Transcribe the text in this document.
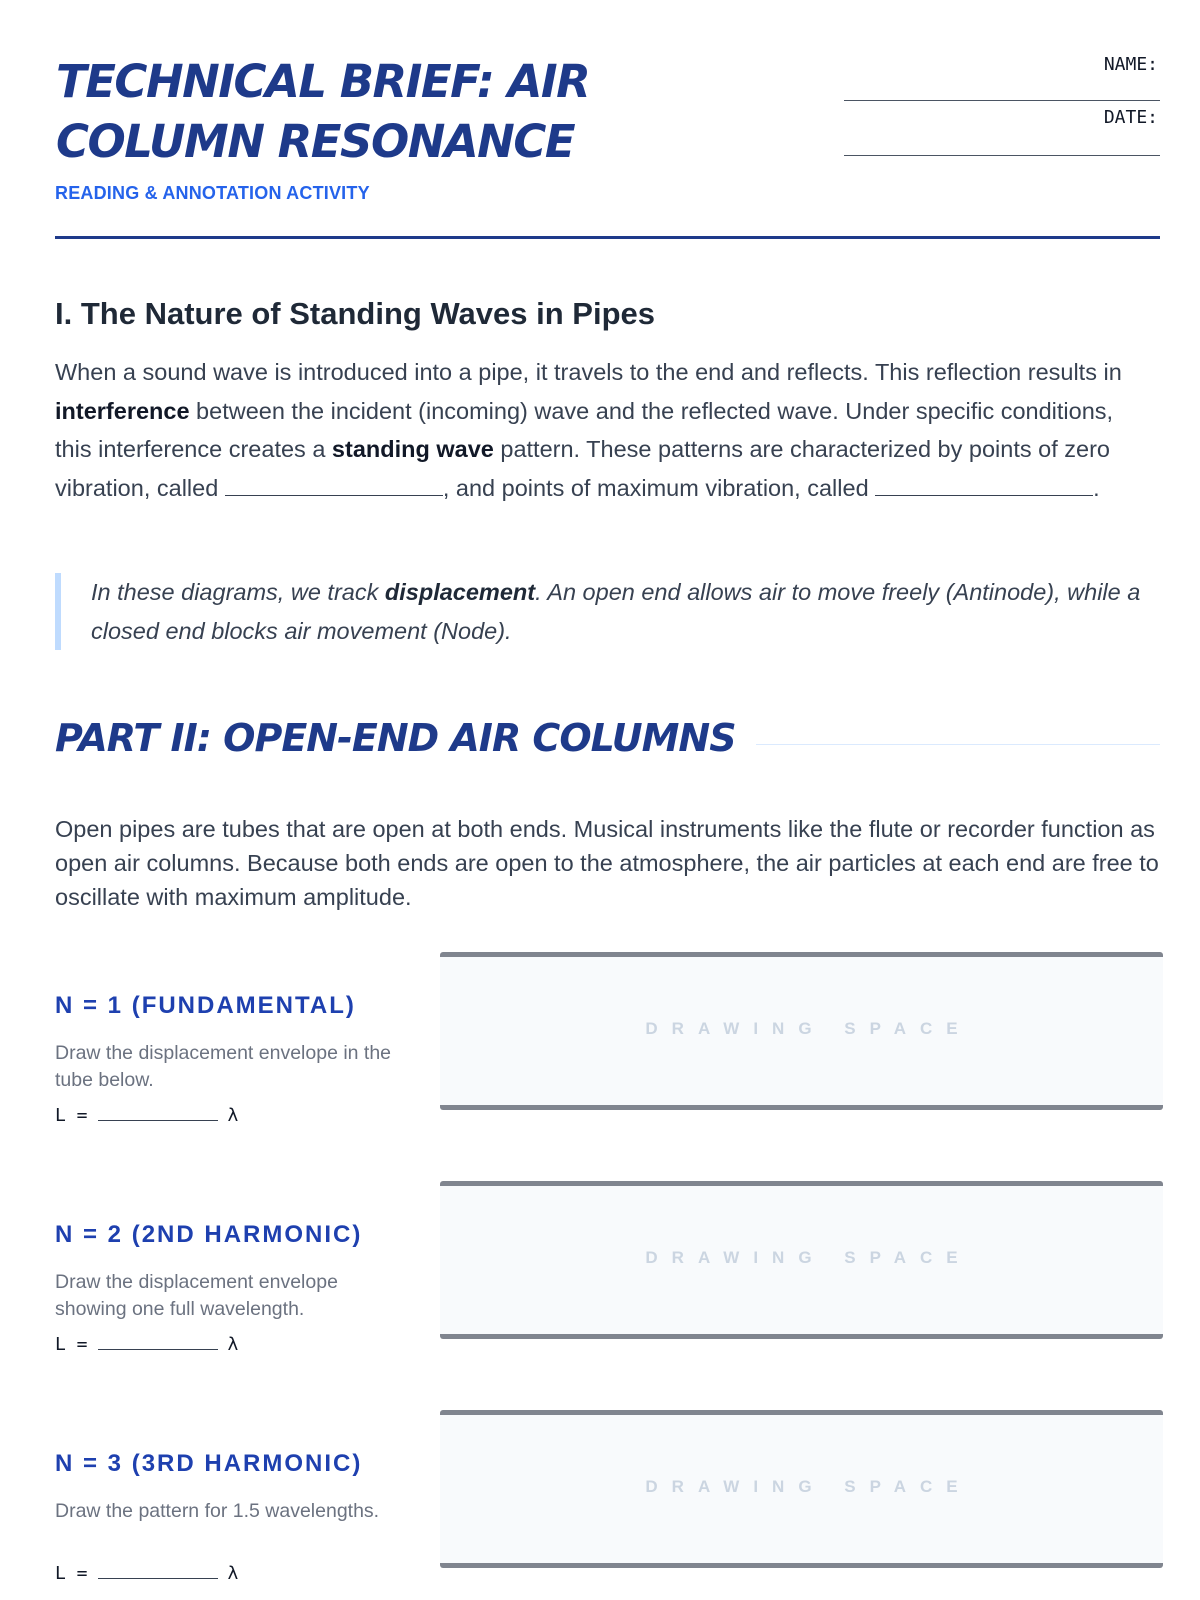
TECHNICAL BRIEF: AIR COLUMN RESONANCE
READING & ANNOTATION ACTIVITY
NAME:
DATE:
I. The Nature of Standing Waves in Pipes

When a sound wave is introduced into a pipe, it travels to the end and reflects. This reflection results in interference between the incident (incoming) wave and the reflected wave. Under specific conditions, this interference creates a standing wave pattern. These patterns are characterized by points of zero vibration, called	, and points of maximum vibration, called	.

In these diagrams, we track displacement. An open end allows air to move freely (Antinode), while a closed end blocks air movement (Node).
PART II: OPEN-END AIR COLUMNS

Open pipes are tubes that are open at both ends. Musical instruments like the flute or recorder function as open air columns. Because both ends are open to the atmosphere, the air particles at each end are free to oscillate with maximum amplitude.

N = 1 (FUNDAMENTAL)

Draw the displacement envelope in the tube below.

L =	λ
DRAWING SPACE
N = 2 (2ND HARMONIC)

Draw the displacement envelope showing one full wavelength.

L =	λ
DRAWING SPACE
N = 3 (3RD HARMONIC)

Draw the pattern for 1.5 wavelengths.

L =	λ
DRAWING SPACE
